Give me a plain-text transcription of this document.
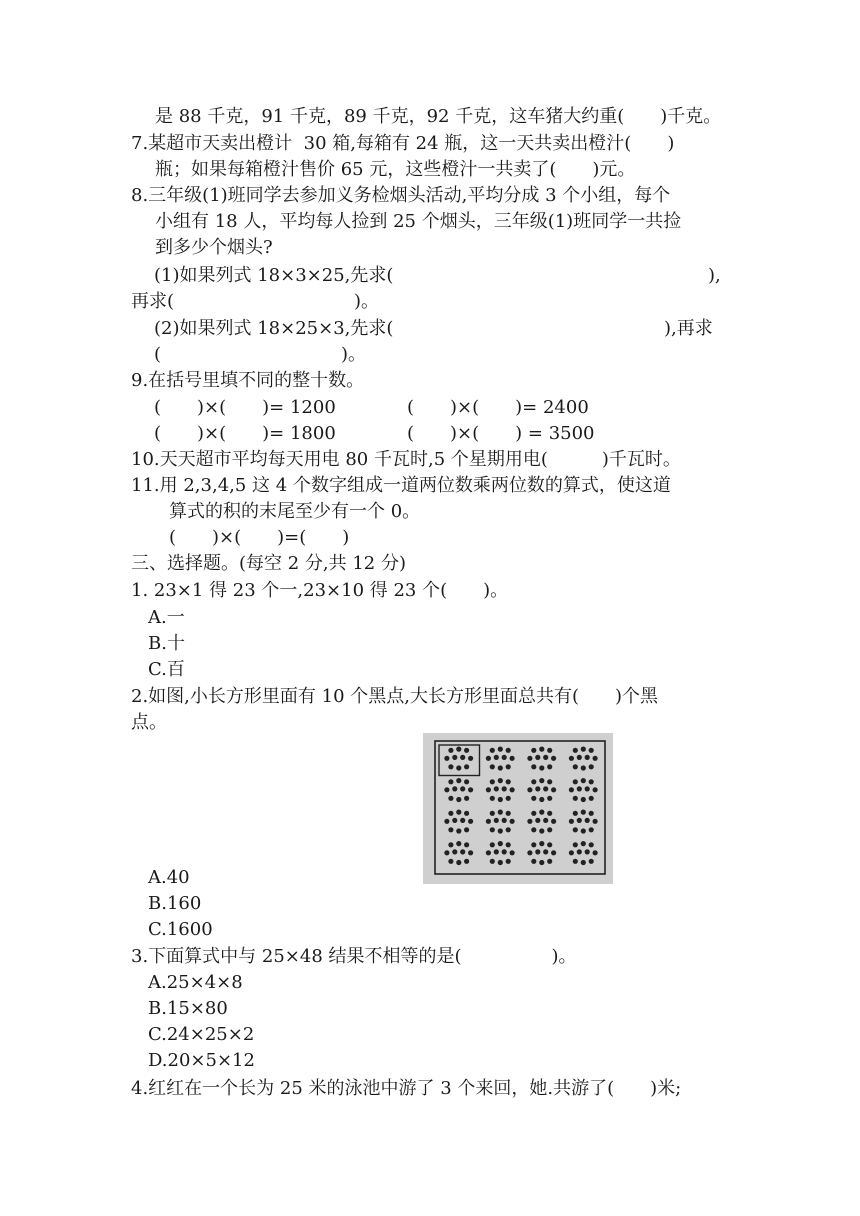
是 88 千克，91 千克，89 千克，92 千克，这车猪大约重(　　)千克。
7.某超市天卖出橙计  30 箱,每箱有 24 瓶，这一天共卖出橙汁(　　)
瓶；如果每箱橙汁售价 65 元，这些橙汁一共卖了(　　)元。
8.三年级(1)班同学去参加义务检烟头活动,平均分成 3 个小组，每个
小组有 18 人，平均每人捡到 25 个烟头，三年级(1)班同学一共捡
到多少个烟头?
(1)如果列式 18×3×25,先求(	),
再求(　　　　　　　　　　)。
(2)如果列式 18×25×3,先求(	),再求
(　　　　　　　　　　)。
9.在括号里填不同的整十数。
(　　)×(　　)= 1200	(　　)×(　　)= 2400
(　　)×(　　)= 1800	(　　)×(　　) = 3500
10.天天超市平均每天用电 80 千瓦时,5 个星期用电(　　　)千瓦时。
11.用 2,3,4,5 这 4 个数字组成一道两位数乘两位数的算式，使这道
算式的积的末尾至少有一个 0。
(　　)×(　　)=(　　)
三、选择题。(每空 2 分,共 12 分)
1. 23×1 得 23 个一,23×10 得 23 个(　　)。
A.一
B.十
C.百
2.如图,小长方形里面有 10 个黑点,大长方形里面总共有(　　)个黑
点。
A.40
B.160
C.1600
3.下面算式中与 25×48 结果不相等的是(　　　　　)。
A.25×4×8
B.15×80
C.24×25×2
D.20×5×12
4.红红在一个长为 25 米的泳池中游了 3 个来回，她.共游了(　　)米;
